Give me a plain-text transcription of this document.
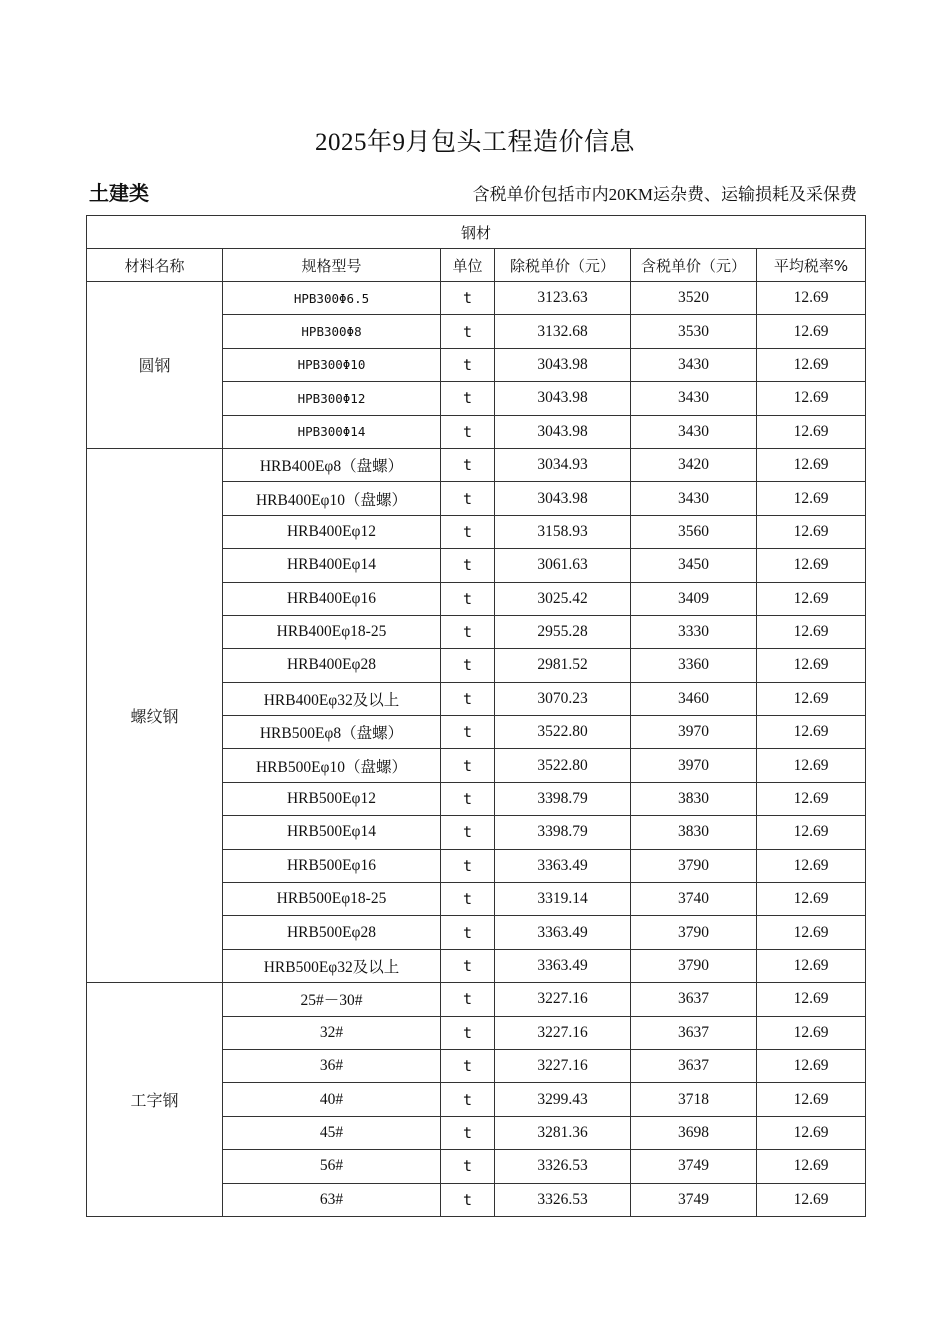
2025年9月包头工程造价信息
土建类	含税单价包括市内20KM运杂费、运输损耗及采保费
钢材					
材料名称	规格型号	单位	除税单价（元）	含税单价（元）	平均税率%
圆钢	HPB300Φ6.5	t	3123.63	3520	12.69
	HPB300Φ8	t	3132.68	3530	12.69
	HPB300Φ10	t	3043.98	3430	12.69
	HPB300Φ12	t	3043.98	3430	12.69
	HPB300Φ14	t	3043.98	3430	12.69
螺纹钢	HRB400Eφ8（盘螺）	t	3034.93	3420	12.69
	HRB400Eφ10（盘螺）	t	3043.98	3430	12.69
	HRB400Eφ12	t	3158.93	3560	12.69
	HRB400Eφ14	t	3061.63	3450	12.69
	HRB400Eφ16	t	3025.42	3409	12.69
	HRB400Eφ18-25	t	2955.28	3330	12.69
	HRB400Eφ28	t	2981.52	3360	12.69
	HRB400Eφ32及以上	t	3070.23	3460	12.69
	HRB500Eφ8（盘螺）	t	3522.80	3970	12.69
	HRB500Eφ10（盘螺）	t	3522.80	3970	12.69
	HRB500Eφ12	t	3398.79	3830	12.69
	HRB500Eφ14	t	3398.79	3830	12.69
	HRB500Eφ16	t	3363.49	3790	12.69
	HRB500Eφ18-25	t	3319.14	3740	12.69
	HRB500Eφ28	t	3363.49	3790	12.69
	HRB500Eφ32及以上	t	3363.49	3790	12.69
工字钢	25#－30#	t	3227.16	3637	12.69
	32#	t	3227.16	3637	12.69
	36#	t	3227.16	3637	12.69
	40#	t	3299.43	3718	12.69
	45#	t	3281.36	3698	12.69
	56#	t	3326.53	3749	12.69
	63#	t	3326.53	3749	12.69
